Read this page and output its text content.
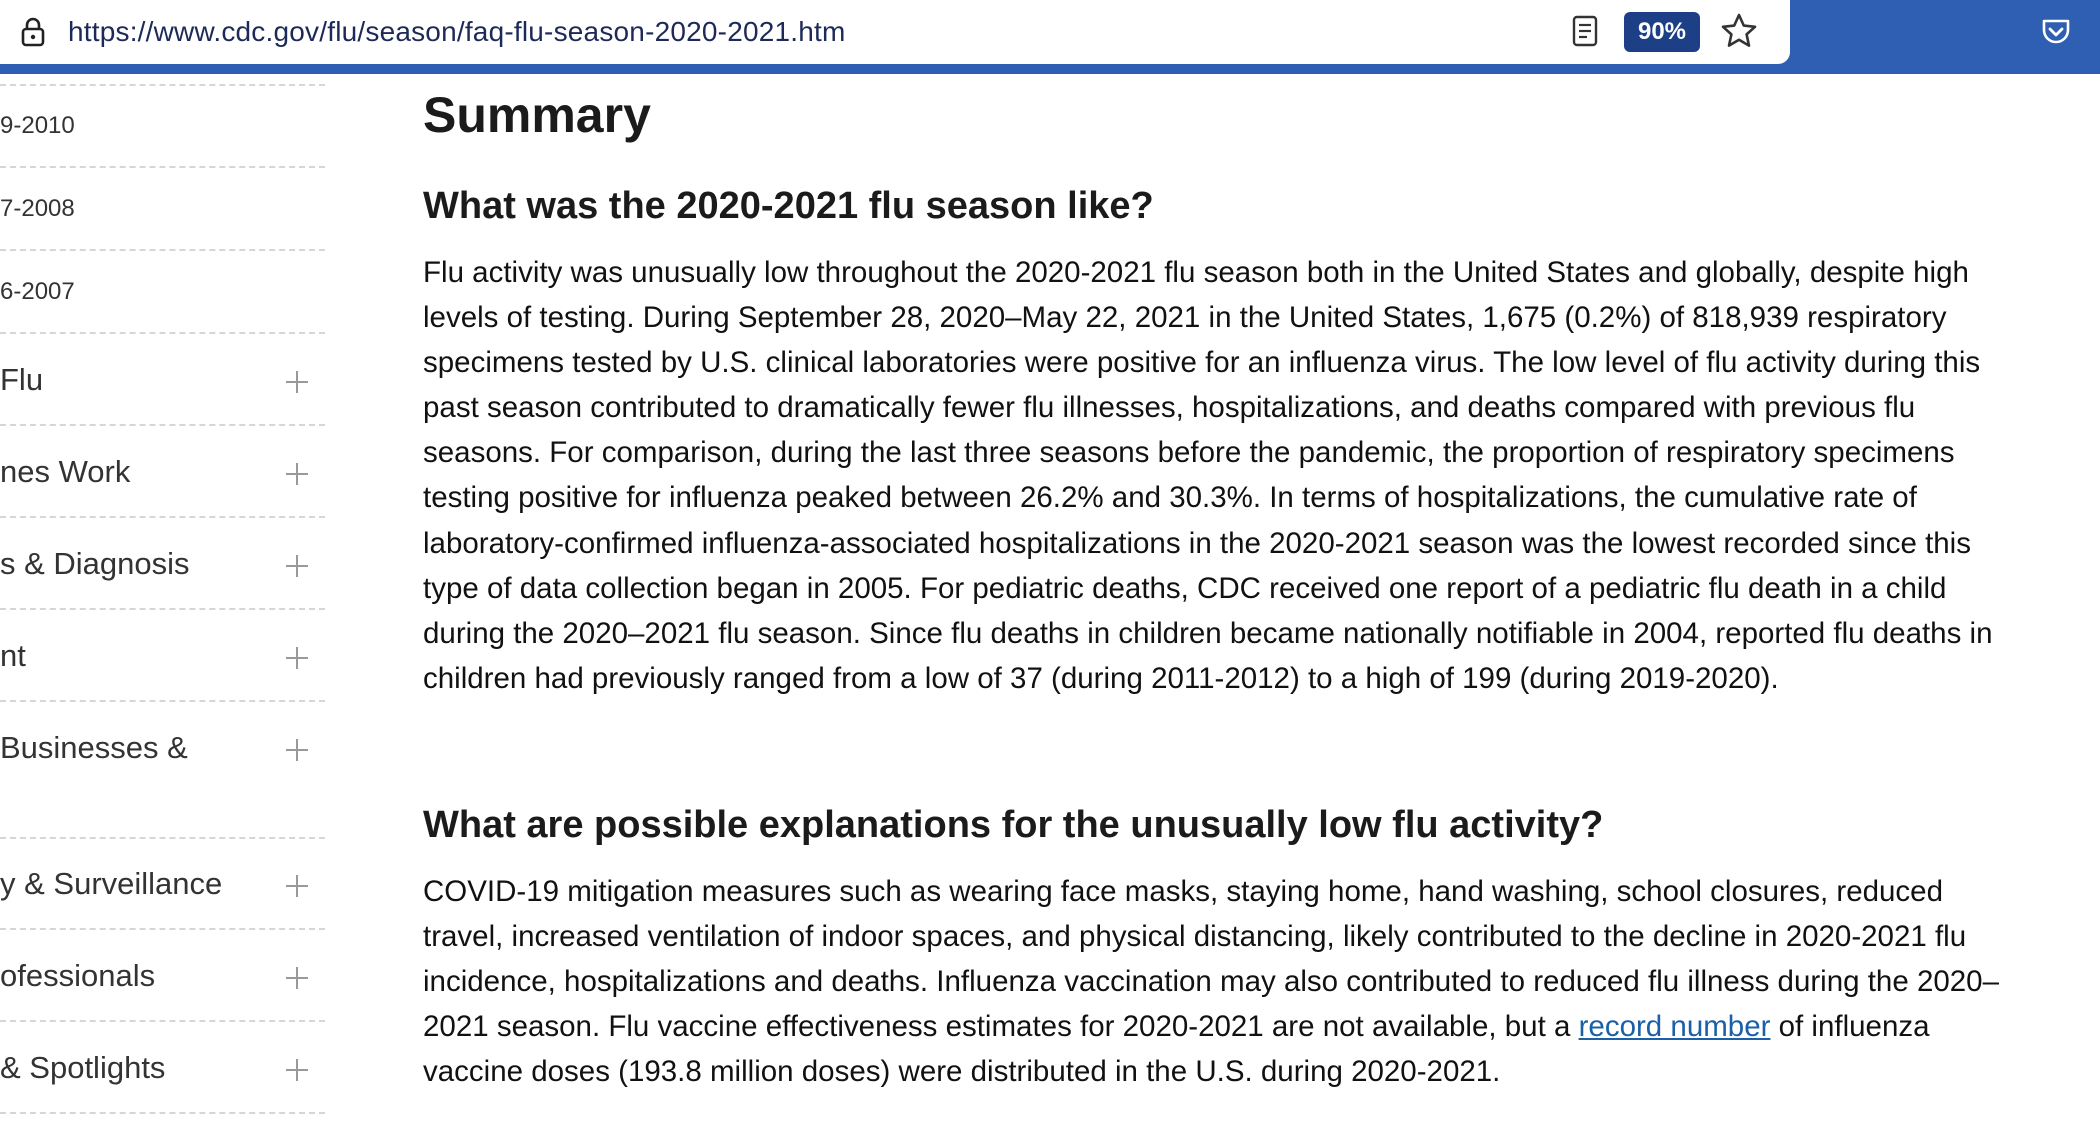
https://www.cdc.gov/flu/season/faq-flu-season-2020-2021.htm	90%
9-2010
7-2008
6-2007
Flu
nes Work
s & Diagnosis
nt
Businesses &
y & Surveillance
ofessionals
& Spotlights
Summary
What was the 2020-2021 flu season like?

Flu activity was unusually low throughout the 2020-2021 flu season both in the United States and globally, despite high levels of testing. During September 28, 2020–May 22, 2021 in the United States, 1,675 (0.2%) of 818,939 respiratory specimens tested by U.S. clinical laboratories were positive for an influenza virus. The low level of flu activity during this past season contributed to dramatically fewer flu illnesses, hospitalizations, and deaths compared with previous flu seasons. For comparison, during the last three seasons before the pandemic, the proportion of respiratory specimens testing positive for influenza peaked between 26.2% and 30.3%. In terms of hospitalizations, the cumulative rate of laboratory-confirmed influenza-associated hospitalizations in the 2020-2021 season was the lowest recorded since this type of data collection began in 2005. For pediatric deaths, CDC received one report of a pediatric flu death in a child during the 2020–2021 flu season. Since flu deaths in children became nationally notifiable in 2004, reported flu deaths in children had previously ranged from a low of 37 (during 2011-2012) to a high of 199 (during 2019-2020).

What are possible explanations for the unusually low flu activity?

COVID-19 mitigation measures such as wearing face masks, staying home, hand washing, school closures, reduced travel, increased ventilation of indoor spaces, and physical distancing, likely contributed to the decline in 2020-2021 flu incidence, hospitalizations and deaths. Influenza vaccination may also contributed to reduced flu illness during the 2020–2021 season. Flu vaccine effectiveness estimates for 2020-2021 are not available, but a record number of influenza vaccine doses (193.8 million doses) were distributed in the U.S. during 2020-2021.
